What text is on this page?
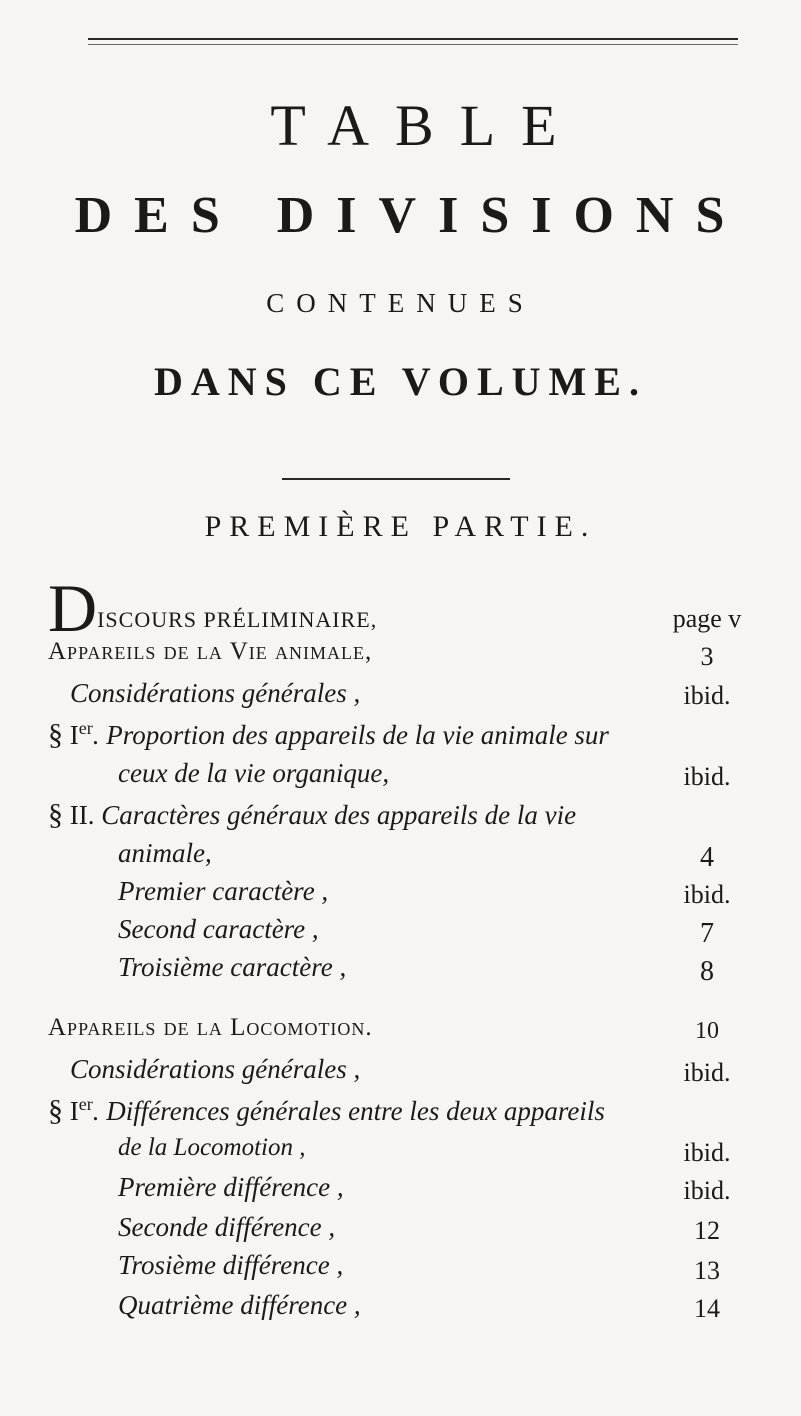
TABLE
DES DIVISIONS
CONTENUES
DANS CE VOLUME.
PREMIÈRE PARTIE.
DISCOURS PRÉLIMINAIRE,	page v
Appareils de la Vie animale,	3
Considérations générales ,	ibid.
§ Ier. Proportion des appareils de la vie animale sur
ceux de la vie organique,	ibid.
§ II. Caractères généraux des appareils de la vie
animale,	4
Premier caractère ,	ibid.
Second caractère ,	7
Troisième caractère ,	8
Appareils de la Locomotion.	10
Considérations générales ,	ibid.
§ Ier. Différences générales entre les deux appareils
de la Locomotion ,	ibid.
Première différence ,	ibid.
Seconde différence ,	12
Trosième différence ,	13
Quatrième différence ,	14
